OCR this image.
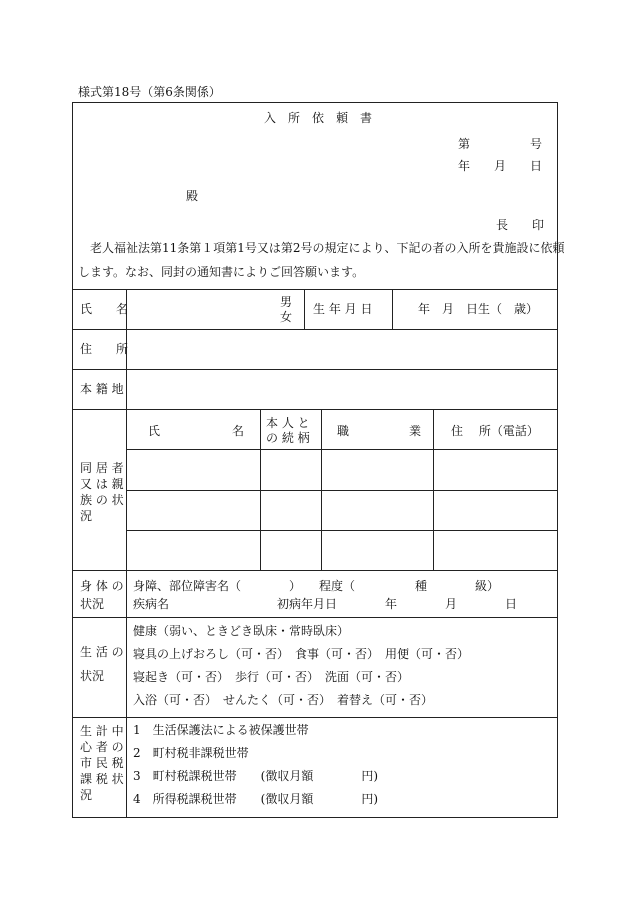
様式第18号（第6条関係）
入　所　依　頼　書
第　　　　　号
年　　月　　日
殿
長　　印
老人福祉法第11条第１項第1号又は第2号の規定により、下記の者の入所を貴施設に依頼
します。なお、同封の通知書によりご回答願います。
氏　　名	男
女
生 年 月 日	年　月　日生（　歳）
住　　所
本 籍 地
同 居 者
又 は 親
族 の 状
況
氏　　　　　　名
本 人 と
の 続 柄 職　　　　　業 住　 所（電話）
身 体 の
状況
身障、部位障害名（　　　　）　　程度（　　　　　種　　　　級）
疾病名　　　　　　　　　初病年月日　　　　年　　　　月　　　　日
生 活 の
状況
健康（弱い、ときどき臥床・常時臥床）
寝具の上げおろし（可・否）　食事（可・否）　用便（可・否）
寝起き（可・否）　歩行（可・否）　洗面（可・否）
入浴（可・否）　せんたく（可・否）　着替え（可・否）
生 計 中
心 者 の
市 民 税
課 税 状
況
1　生活保護法による被保護世帯
2　町村税非課税世帯
3　町村税課税世帯　　(徴収月額　　　　円)
4　所得税課税世帯　　(徴収月額　　　　円)
